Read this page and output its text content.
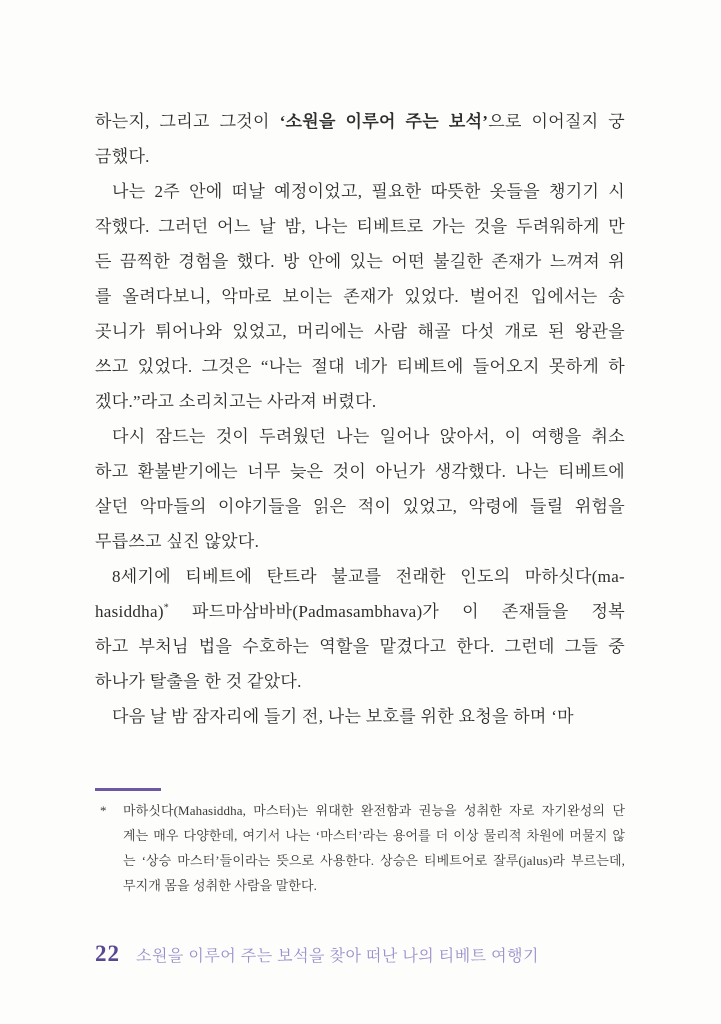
하는지, 그리고 그것이 ‘소원을 이루어 주는 보석’으로 이어질지 궁
금했다.
나는 2주 안에 떠날 예정이었고, 필요한 따뜻한 옷들을 챙기기 시
작했다. 그러던 어느 날 밤, 나는 티베트로 가는 것을 두려워하게 만
든 끔찍한 경험을 했다. 방 안에 있는 어떤 불길한 존재가 느껴져 위
를 올려다보니, 악마로 보이는 존재가 있었다. 벌어진 입에서는 송
곳니가 튀어나와 있었고, 머리에는 사람 해골 다섯 개로 된 왕관을
쓰고 있었다. 그것은 “나는 절대 네가 티베트에 들어오지 못하게 하
겠다.”라고 소리치고는 사라져 버렸다.
다시 잠드는 것이 두려웠던 나는 일어나 앉아서, 이 여행을 취소
하고 환불받기에는 너무 늦은 것이 아닌가 생각했다. 나는 티베트에
살던 악마들의 이야기들을 읽은 적이 있었고, 악령에 들릴 위험을
무릅쓰고 싶진 않았다.
8세기에 티베트에 탄트라 불교를 전래한 인도의 마하싯다(ma-
hasiddha)* 파드마삼바바(Padmasambhava)가 이 존재들을 정복
하고 부처님 법을 수호하는 역할을 맡겼다고 한다. 그런데 그들 중
하나가 탈출을 한 것 같았다.
다음 날 밤 잠자리에 들기 전, 나는 보호를 위한 요청을 하며 ‘마
*	마하싯다(Mahasiddha, 마스터)는 위대한 완전함과 권능을 성취한 자로 자기완성의 단
계는 매우 다양한데, 여기서 나는 ‘마스터’라는 용어를 더 이상 물리적 차원에 머물지 않
는 ‘상승 마스터’들이라는 뜻으로 사용한다. 상승은 티베트어로 잘루(jalus)라 부르는데,
무지개 몸을 성취한 사람을 말한다.
22 소원을 이루어 주는 보석을 찾아 떠난 나의 티베트 여행기
